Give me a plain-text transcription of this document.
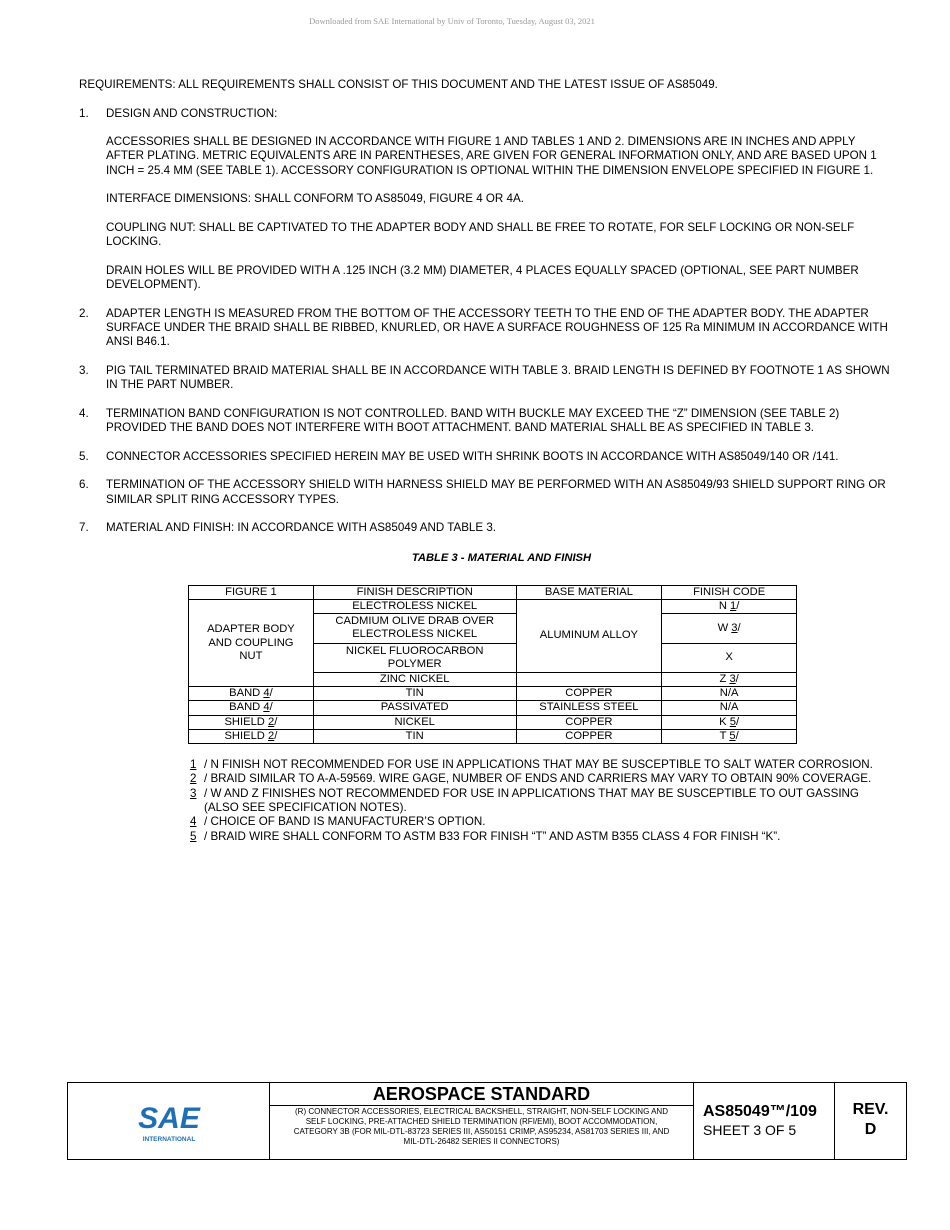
Downloaded from SAE International by Univ of Toronto, Tuesday, August 03, 2021

REQUIREMENTS: ALL REQUIREMENTS SHALL CONSIST OF THIS DOCUMENT AND THE LATEST ISSUE OF AS85049.

1. DESIGN AND CONSTRUCTION:

ACCESSORIES SHALL BE DESIGNED IN ACCORDANCE WITH FIGURE 1 AND TABLES 1 AND 2. DIMENSIONS ARE IN INCHES AND APPLY AFTER PLATING. METRIC EQUIVALENTS ARE IN PARENTHESES, ARE GIVEN FOR GENERAL INFORMATION ONLY, AND ARE BASED UPON 1 INCH = 25.4 MM (SEE TABLE 1). ACCESSORY CONFIGURATION IS OPTIONAL WITHIN THE DIMENSION ENVELOPE SPECIFIED IN FIGURE 1.

INTERFACE DIMENSIONS: SHALL CONFORM TO AS85049, FIGURE 4 OR 4A.

COUPLING NUT: SHALL BE CAPTIVATED TO THE ADAPTER BODY AND SHALL BE FREE TO ROTATE, FOR SELF LOCKING OR NON-SELF LOCKING.

DRAIN HOLES WILL BE PROVIDED WITH A .125 INCH (3.2 MM) DIAMETER, 4 PLACES EQUALLY SPACED (OPTIONAL, SEE PART NUMBER DEVELOPMENT).

2. ADAPTER LENGTH IS MEASURED FROM THE BOTTOM OF THE ACCESSORY TEETH TO THE END OF THE ADAPTER BODY. THE ADAPTER SURFACE UNDER THE BRAID SHALL BE RIBBED, KNURLED, OR HAVE A SURFACE ROUGHNESS OF 125 Ra MINIMUM IN ACCORDANCE WITH ANSI B46.1.

3. PIG TAIL TERMINATED BRAID MATERIAL SHALL BE IN ACCORDANCE WITH TABLE 3. BRAID LENGTH IS DEFINED BY FOOTNOTE 1 AS SHOWN IN THE PART NUMBER.

4. TERMINATION BAND CONFIGURATION IS NOT CONTROLLED. BAND WITH BUCKLE MAY EXCEED THE “Z” DIMENSION (SEE TABLE 2) PROVIDED THE BAND DOES NOT INTERFERE WITH BOOT ATTACHMENT. BAND MATERIAL SHALL BE AS SPECIFIED IN TABLE 3.

5. CONNECTOR ACCESSORIES SPECIFIED HEREIN MAY BE USED WITH SHRINK BOOTS IN ACCORDANCE WITH AS85049/140 OR /141.

6. TERMINATION OF THE ACCESSORY SHIELD WITH HARNESS SHIELD MAY BE PERFORMED WITH AN AS85049/93 SHIELD SUPPORT RING OR SIMILAR SPLIT RING ACCESSORY TYPES.

7. MATERIAL AND FINISH: IN ACCORDANCE WITH AS85049 AND TABLE 3.

TABLE 3 - MATERIAL AND FINISH
FIGURE 1	FINISH DESCRIPTION	BASE MATERIAL	FINISH CODE
ADAPTER BODY AND COUPLING NUT	ELECTROLESS NICKEL	ALUMINUM ALLOY	N 1/
	CADMIUM OLIVE DRAB OVER ELECTROLESS NICKEL		W 3/
	NICKEL FLUOROCARBON POLYMER		X
	ZINC NICKEL		Z 3/
BAND 4/	TIN	COPPER	N/A
BAND 4/	PASSIVATED	STAINLESS STEEL	N/A
SHIELD 2/	NICKEL	COPPER	K 5/
SHIELD 2/	TIN	COPPER	T 5/
1 / N FINISH NOT RECOMMENDED FOR USE IN APPLICATIONS THAT MAY BE SUSCEPTIBLE TO SALT WATER CORROSION.
2 / BRAID SIMILAR TO A-A-59569. WIRE GAGE, NUMBER OF ENDS AND CARRIERS MAY VARY TO OBTAIN 90% COVERAGE.
3 / W AND Z FINISHES NOT RECOMMENDED FOR USE IN APPLICATIONS THAT MAY BE SUSCEPTIBLE TO OUT GASSING (ALSO SEE SPECIFICATION NOTES).
4 / CHOICE OF BAND IS MANUFACTURER’S OPTION.
5 / BRAID WIRE SHALL CONFORM TO ASTM B33 FOR FINISH “T” AND ASTM B355 CLASS 4 FOR FINISH “K”.
SAE
INTERNATIONAL
AEROSPACE STANDARD
(R) CONNECTOR ACCESSORIES, ELECTRICAL BACKSHELL, STRAIGHT, NON-SELF LOCKING AND SELF LOCKING, PRE-ATTACHED SHIELD TERMINATION (RFI/EMI), BOOT ACCOMMODATION, CATEGORY 3B (FOR MIL-DTL-83723 SERIES III, AS50151 CRIMP, AS95234, AS81703 SERIES III, AND MIL-DTL-26482 SERIES II CONNECTORS)
AS85049™/109
SHEET 3 OF 5
REV.
D
